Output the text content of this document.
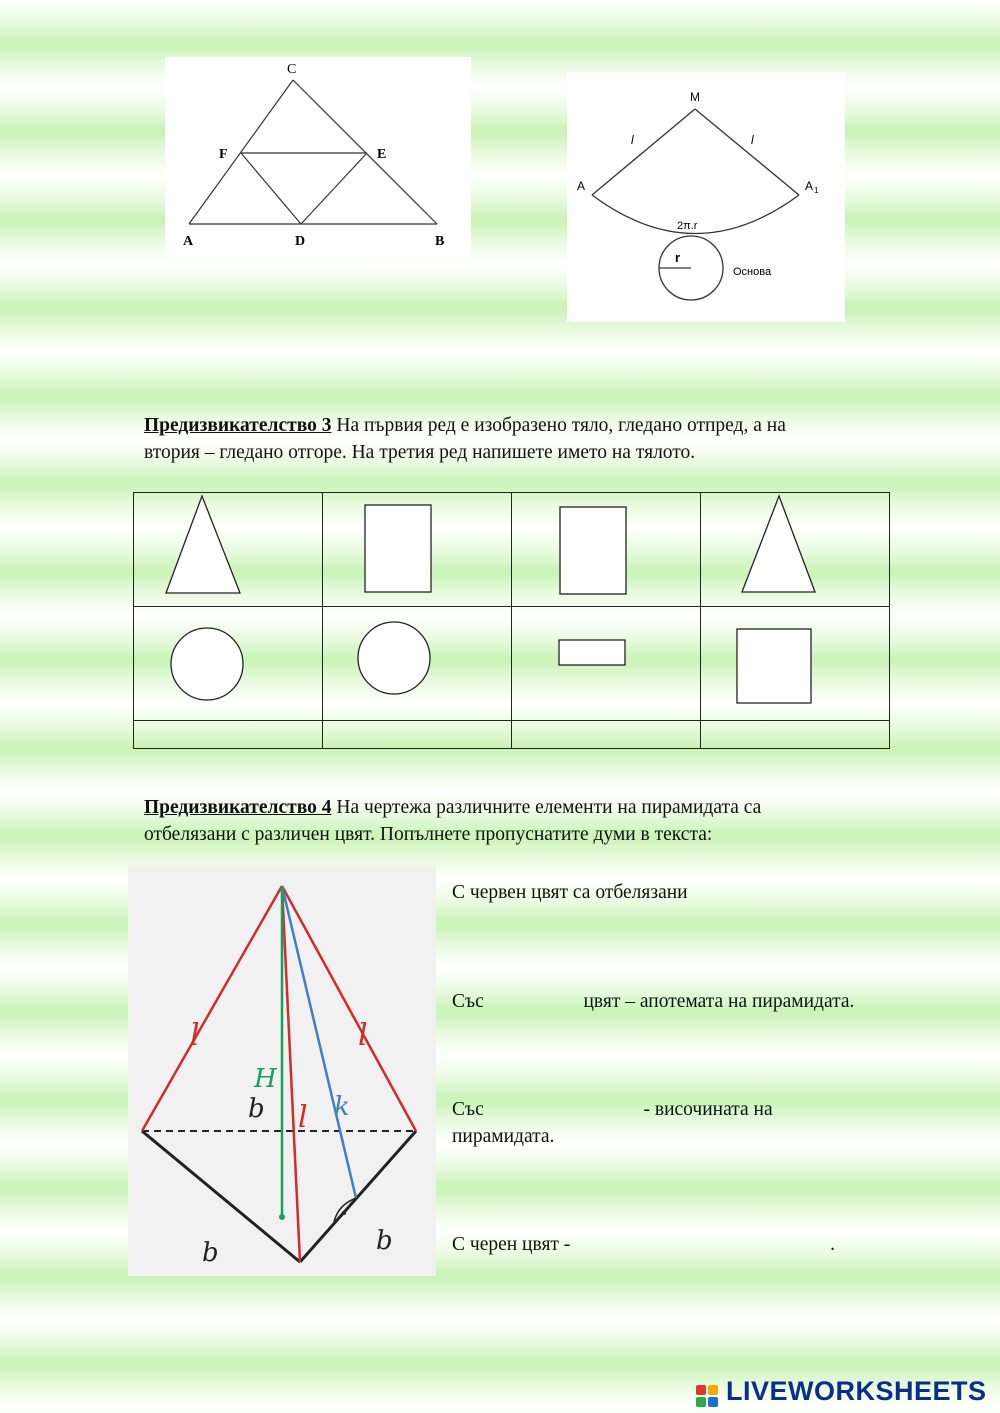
C
F	E
A	D	B
M
l	l
A	A 1
2π.r
r
Основа
Предизвикателство 3 На първия ред е изобразено тяло, гледано отпред, а на
втория – гледано отгоре. На третия ред напишете името на тялото.

Предизвикателство 4 На чертежа различните елементи на пирамидата са
отбелязани с различен цвят. Попълнете пропуснатите думи в текста:
l	l
l
H
k
b
b	b
С червен цвят са отбелязани
Със	цвят – апотемата на пирамидата.
Със	- височината на
пирамидата.
С черен цвят -	.
LIVEWORKSHEETS
